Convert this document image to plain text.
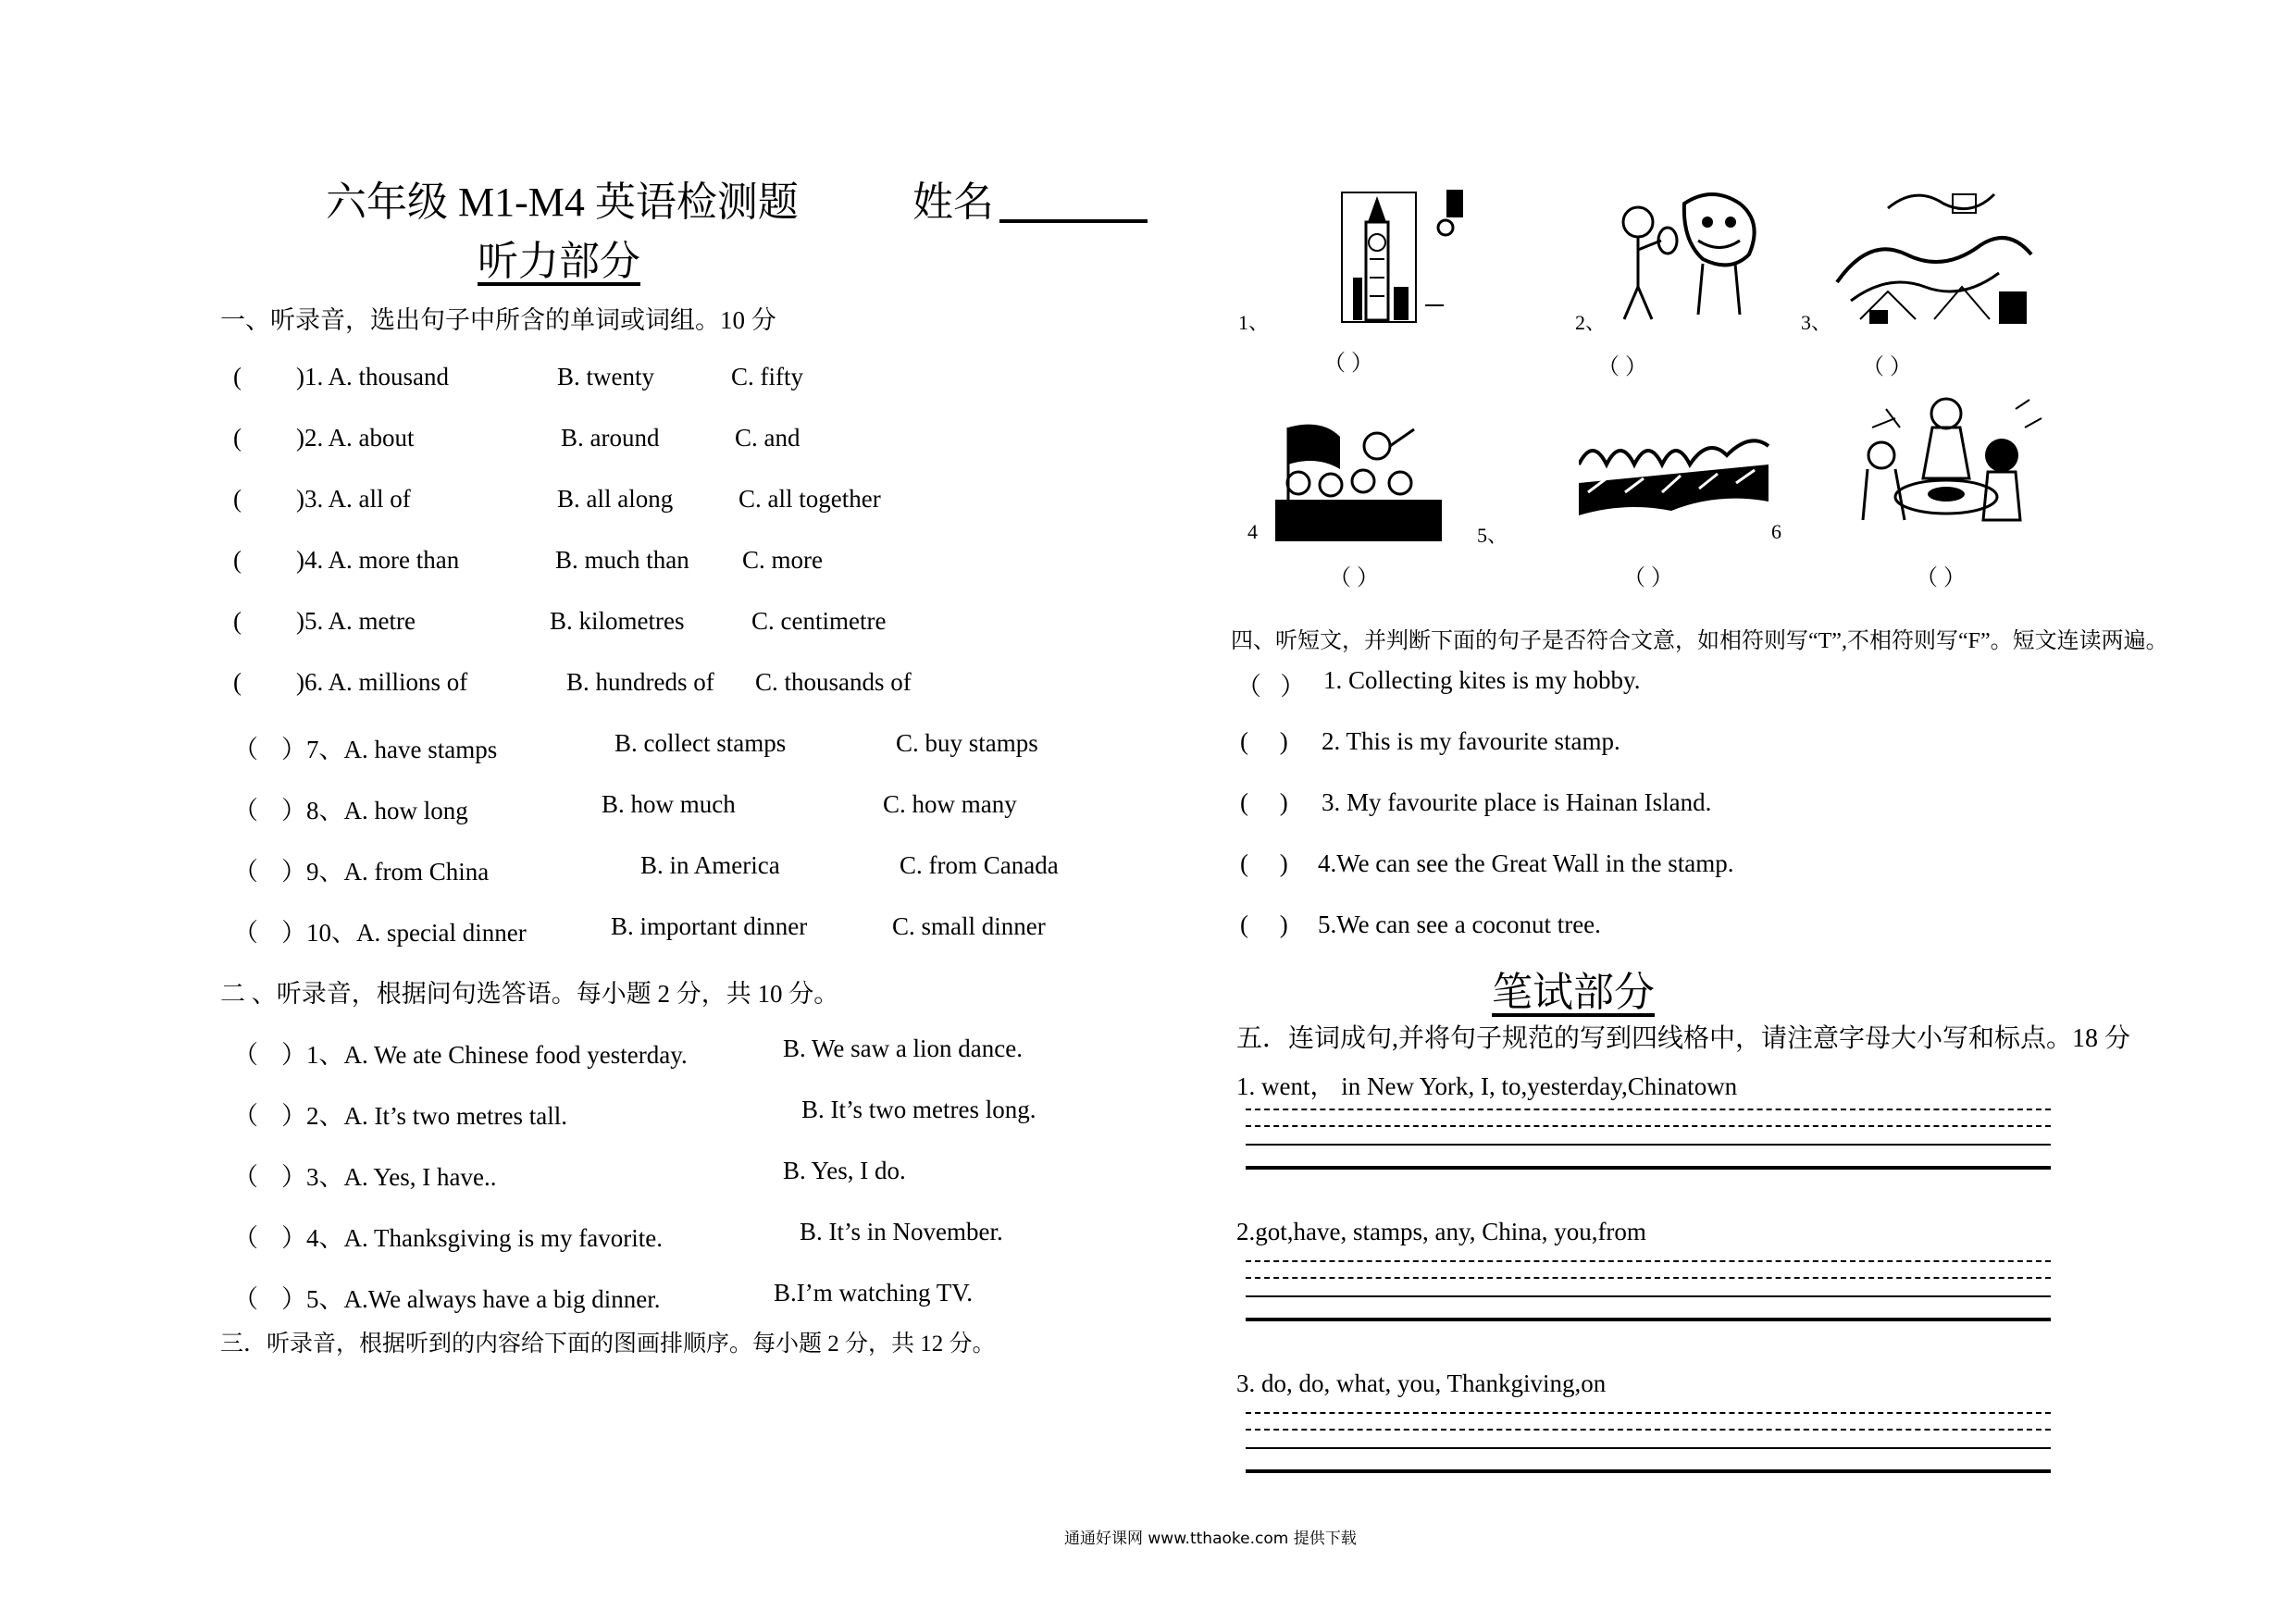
六年级 M1-M4 英语检测题	姓名
听力部分
一、听录音，选出句子中所含的单词或词组。10 分
( )1. A. thousand	B. twenty	C. fifty
( )2. A. about	B. around	C. and
( )3. A. all of	B. all along	C. all together
( )4. A. more than	B. much than C. more
( )5. A. metre	B. kilometres	C. centimetre
( )6. A. millions of	B. hundreds of C. thousands of
（ ）7、A. have stamps	B. collect stamps	C. buy stamps
（ ）8、A. how long	B. how much	C. how many
（ ）9、A. from China	B. in America	C. from Canada
（ ）10、A. special dinner	B. important dinner	C. small dinner
二 、听录音，根据问句选答语。每小题 2 分，共 10 分。
（ ）1、A. We ate Chinese food yesterday.	B. We saw a lion dance.
（ ）2、A. It’s two metres tall.	B. It’s two metres long.
（ ）3、A. Yes, I have..	B. Yes, I do.
（ ）4、A. Thanksgiving is my favorite.	B. It’s in November.
（ ）5、A.We always have a big dinner.	B.I’m watching TV.
三．听录音，根据听到的内容给下面的图画排顺序。每小题 2 分，共 12 分。
1、
（ ）
2、
（ ）
3、
（ ）
4
（ ）
5、
（ ）
6
（ ）
四、听短文，并判断下面的句子是否符合文意，如相符则写“T”,不相符则写“F”。短文连读两遍。
（ ） 1. Collecting kites is my hobby.
( ) 2. This is my favourite stamp.
( ) 3. My favourite place is Hainan Island.
( ) 4.We can see the Great Wall in the stamp.
( ) 5.We can see a coconut tree.
笔试部分
五．连词成句,并将句子规范的写到四线格中，请注意字母大小写和标点。18 分
1. went， in New York, I, to,yesterday,Chinatown
2.got,have, stamps, any, China, you,from
3. do, do, what, you, Thankgiving,on
通通好课网 www.tthaoke.com 提供下载
